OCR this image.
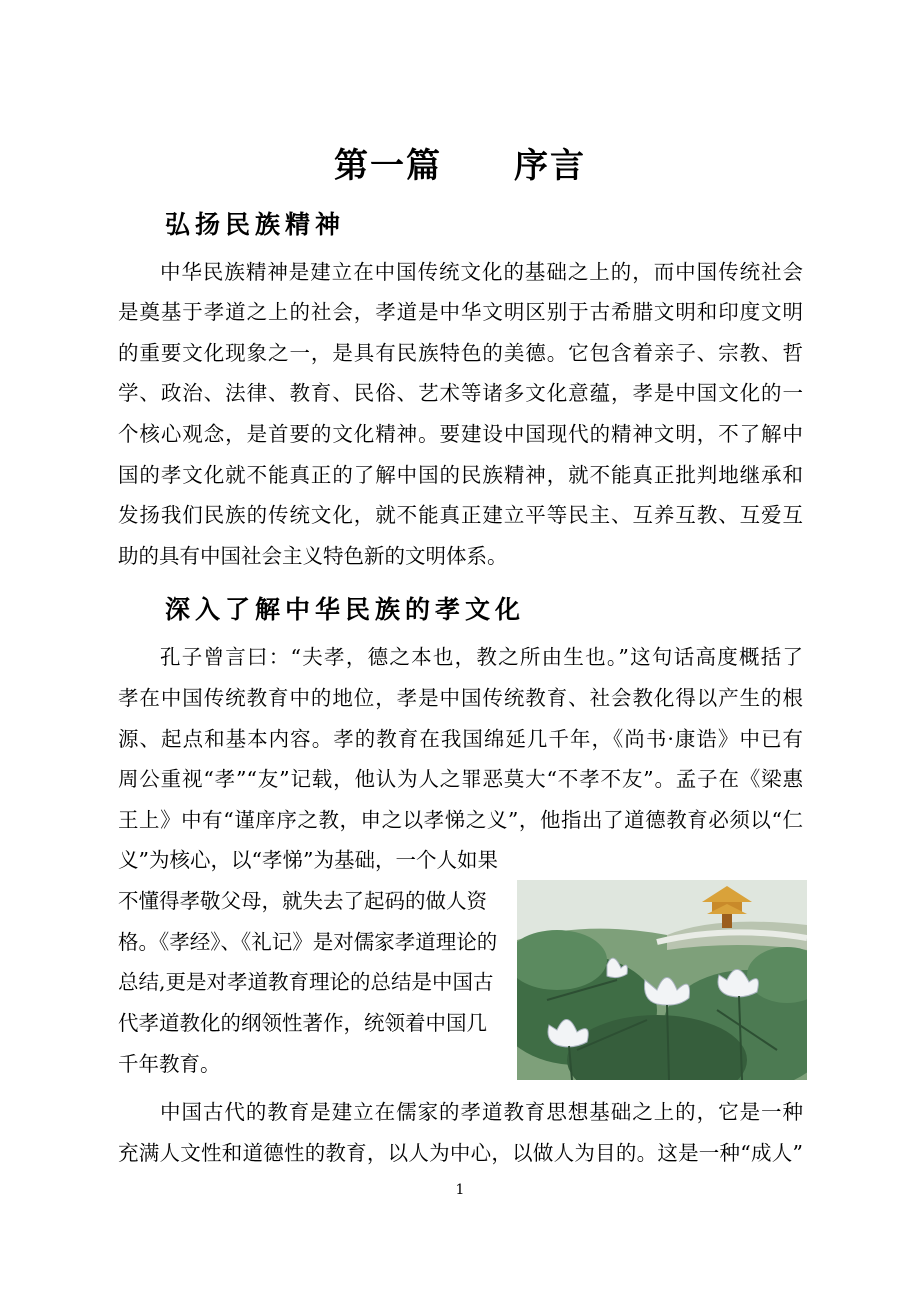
第一篇　　序言
弘扬民族精神
中华民族精神是建立在中国传统文化的基础之上的，而中国传统社会
是奠基于孝道之上的社会，孝道是中华文明区别于古希腊文明和印度文明
的重要文化现象之一，是具有民族特色的美德。它包含着亲子、宗教、哲
学、政治、法律、教育、民俗、艺术等诸多文化意蕴，孝是中国文化的一
个核心观念，是首要的文化精神。要建设中国现代的精神文明，不了解中
国的孝文化就不能真正的了解中国的民族精神，就不能真正批判地继承和
发扬我们民族的传统文化，就不能真正建立平等民主、互养互教、互爱互
助的具有中国社会主义特色新的文明体系。
深入了解中华民族的孝文化
孔子曾言曰：“夫孝，德之本也，教之所由生也。”这句话高度概括了
孝在中国传统教育中的地位，孝是中国传统教育、社会教化得以产生的根
源、起点和基本内容。孝的教育在我国绵延几千年，《尚书·康诰》中已有
周公重视“孝”“友”记载，他认为人之罪恶莫大“不孝不友”。孟子在《梁惠
王上》中有“谨庠序之教，申之以孝悌之义”，他指出了道德教育必须以“仁
义”为核心，以“孝悌”为基础，一个人如果
不懂得孝敬父母，就失去了起码的做人资
格。《孝经》、《礼记》是对儒家孝道理论的
总结,更是对孝道教育理论的总结是中国古
代孝道教化的纲领性著作，统领着中国几
千年教育。
中国古代的教育是建立在儒家的孝道教育思想基础之上的，它是一种
充满人文性和道德性的教育，以人为中心，以做人为目的。这是一种“成人”
1
